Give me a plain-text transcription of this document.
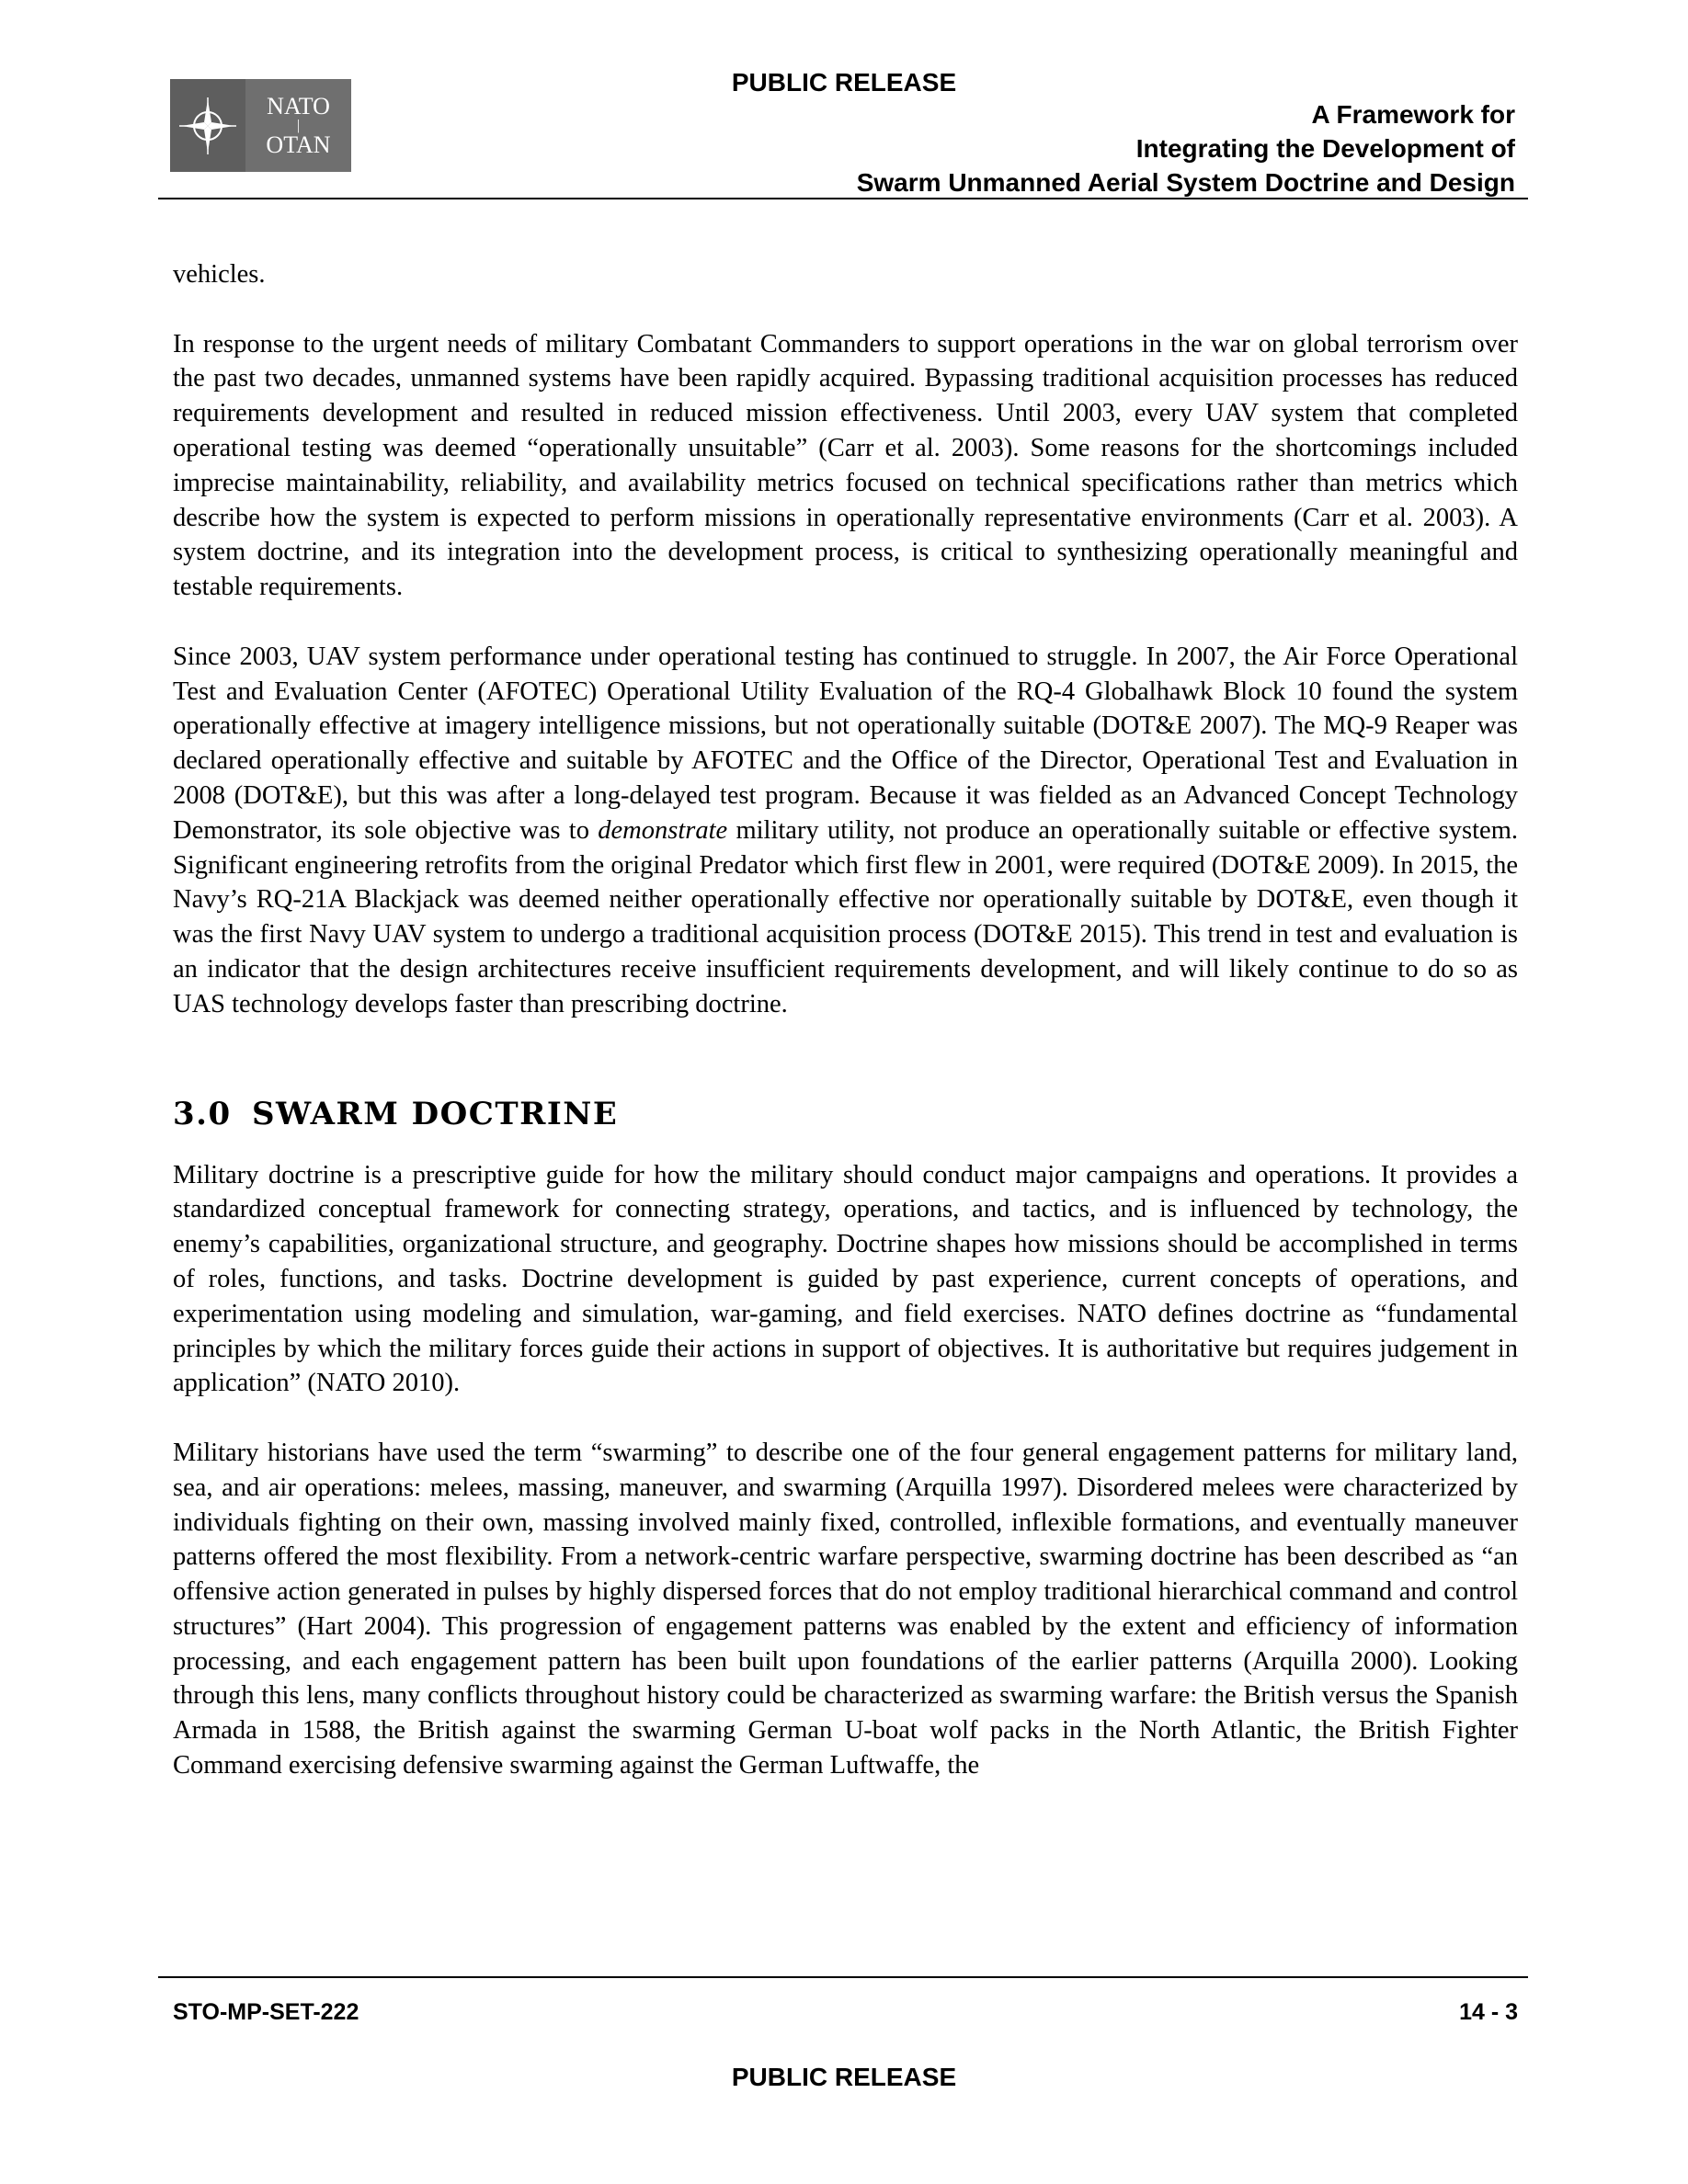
PUBLIC RELEASE
NATO
|
OTAN
A Framework for
Integrating the Development of
Swarm Unmanned Aerial System Doctrine and Design

vehicles.

In response to the urgent needs of military Combatant Commanders to support operations in the war on global terrorism over the past two decades, unmanned systems have been rapidly acquired. Bypassing traditional acquisition processes has reduced requirements development and resulted in reduced mission effectiveness. Until 2003, every UAV system that completed operational testing was deemed “operationally unsuitable” (Carr et al. 2003). Some reasons for the shortcomings included imprecise maintainability, reliability, and availability metrics focused on technical specifications rather than metrics which describe how the system is expected to perform missions in operationally representative environments (Carr et al. 2003). A system doctrine, and its integration into the development process, is critical to synthesizing operationally meaningful and testable requirements.

Since 2003, UAV system performance under operational testing has continued to struggle. In 2007, the Air Force Operational Test and Evaluation Center (AFOTEC) Operational Utility Evaluation of the RQ-4 Globalhawk Block 10 found the system operationally effective at imagery intelligence missions, but not operationally suitable (DOT&E 2007). The MQ-9 Reaper was declared operationally effective and suitable by AFOTEC and the Office of the Director, Operational Test and Evaluation in 2008 (DOT&E), but this was after a long-delayed test program. Because it was fielded as an Advanced Concept Technology Demonstrator, its sole objective was to demonstrate military utility, not produce an operationally suitable or effective system. Significant engineering retrofits from the original Predator which first flew in 2001, were required (DOT&E 2009). In 2015, the Navy’s RQ-21A Blackjack was deemed neither operationally effective nor operationally suitable by DOT&E, even though it was the first Navy UAV system to undergo a traditional acquisition process (DOT&E 2015). This trend in test and evaluation is an indicator that the design architectures receive insufficient requirements development, and will likely continue to do so as UAS technology develops faster than prescribing doctrine.

3.0 SWARM DOCTRINE

Military doctrine is a prescriptive guide for how the military should conduct major campaigns and operations. It provides a standardized conceptual framework for connecting strategy, operations, and tactics, and is influenced by technology, the enemy’s capabilities, organizational structure, and geography. Doctrine shapes how missions should be accomplished in terms of roles, functions, and tasks. Doctrine development is guided by past experience, current concepts of operations, and experimentation using modeling and simulation, war-gaming, and field exercises. NATO defines doctrine as “fundamental principles by which the military forces guide their actions in support of objectives. It is authoritative but requires judgement in application” (NATO 2010).

Military historians have used the term “swarming” to describe one of the four general engagement patterns for military land, sea, and air operations: melees, massing, maneuver, and swarming (Arquilla 1997). Disordered melees were characterized by individuals fighting on their own, massing involved mainly fixed, controlled, inflexible formations, and eventually maneuver patterns offered the most flexibility. From a network-centric warfare perspective, swarming doctrine has been described as “an offensive action generated in pulses by highly dispersed forces that do not employ traditional hierarchical command and control structures” (Hart 2004). This progression of engagement patterns was enabled by the extent and efficiency of information processing, and each engagement pattern has been built upon foundations of the earlier patterns (Arquilla 2000). Looking through this lens, many conflicts throughout history could be characterized as swarming warfare: the British versus the Spanish Armada in 1588, the British against the swarming German U-boat wolf packs in the North Atlantic, the British Fighter Command exercising defensive swarming against the German Luftwaffe, the

STO-MP-SET-222	14 - 3
PUBLIC RELEASE
